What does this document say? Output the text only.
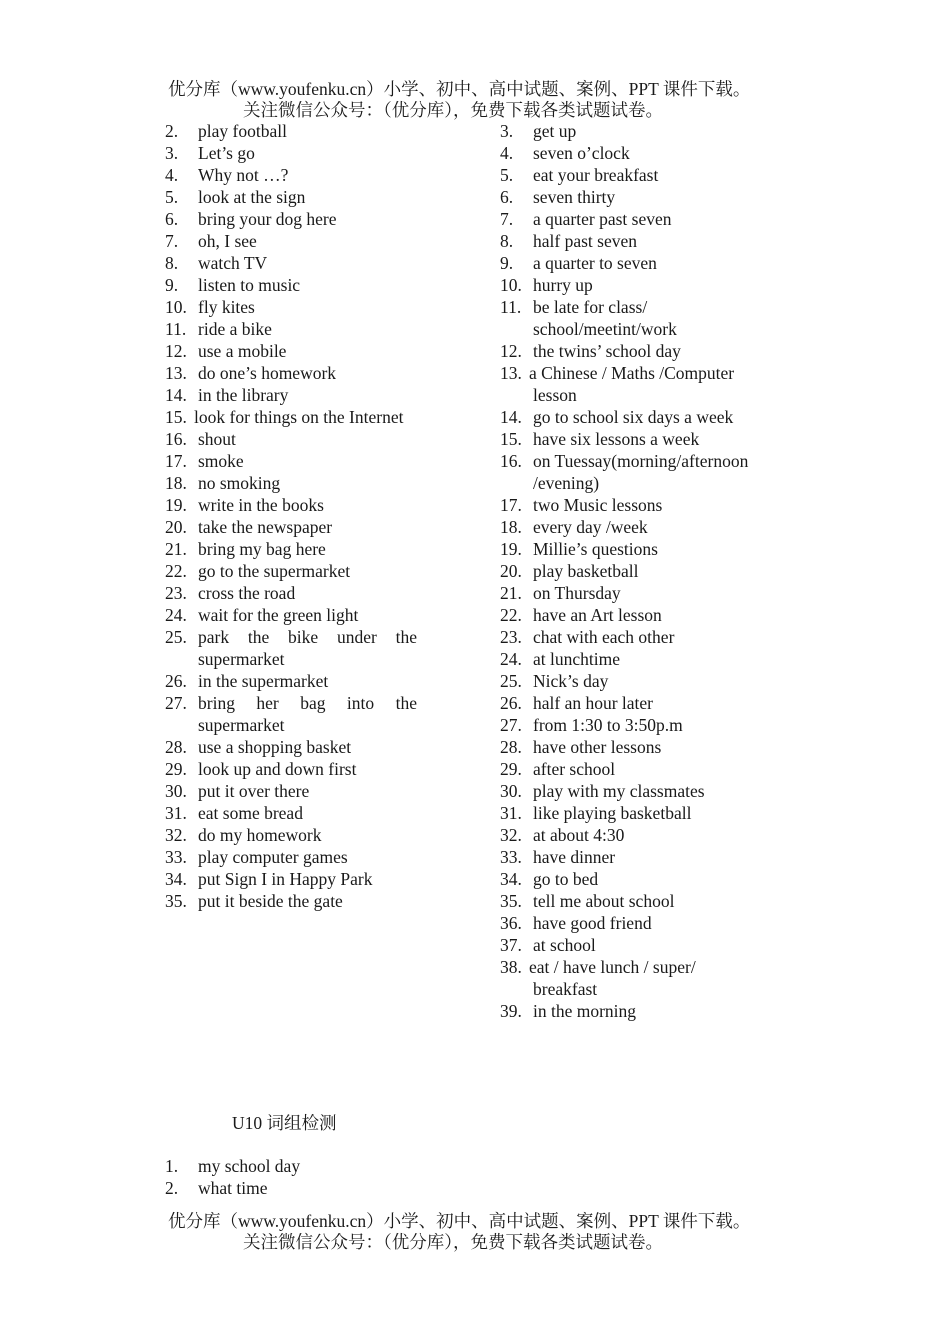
优分库（www.youfenku.cn）小学、初中、高中试题、案例、PPT 课件下载。
关注微信公众号：（优分库），免费下载各类试题试卷。
2. play football
3. Let’s go
4. Why not …?
5. look at the sign
6. bring your dog here
7. oh, I see
8. watch TV
9. listen to music
10. fly kites
11. ride a bike
12. use a mobile
13. do one’s homework
14. in the library
15. look for things on the Internet
16. shout
17. smoke
18. no smoking
19. write in the books
20. take the newspaper
21. bring my bag here
22. go to the supermarket
23. cross the road
24. wait for the green light
25. park the bike under the supermarket
26. in the supermarket
27. bring her bag into the supermarket
28. use a shopping basket
29. look up and down first
30. put it over there
31. eat some bread
32. do my homework
33. play computer games
34. put Sign I in Happy Park
35. put it beside the gate
3. get up
4. seven o’clock
5. eat your breakfast
6. seven thirty
7. a quarter past seven
8. half past seven
9. a quarter to seven
10. hurry up
11. be late for class/ school/meetint/work
12. the twins’ school day
13. a Chinese / Maths /Computer lesson
14. go to school six days a week
15. have six lessons a week
16. on Tuessay(morning/afternoon /evening)
17. two Music lessons
18. every day /week
19. Millie’s questions
20. play basketball
21. on Thursday
22. have an Art lesson
23. chat with each other
24. at lunchtime
25. Nick’s day
26. half an hour later
27. from 1:30 to 3:50p.m
28. have other lessons
29. after school
30. play with my classmates
31. like playing basketball
32. at about 4:30
33. have dinner
34. go to bed
35. tell me about school
36. have good friend
37. at school
38. eat / have lunch / super/ breakfast
39. in the morning
U10 词组检测
1. my school day
2. what time
优分库（www.youfenku.cn）小学、初中、高中试题、案例、PPT 课件下载。
关注微信公众号：（优分库），免费下载各类试题试卷。
